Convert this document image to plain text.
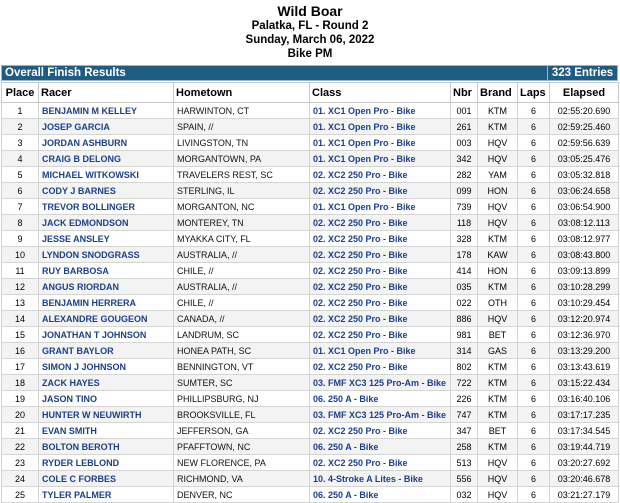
Wild Boar
Palatka, FL - Round 2
Sunday, March 06, 2022
Bike PM
Overall Finish Results	323 Entries
Place	Racer	Hometown	Class	Nbr	Brand	Laps	Elapsed
1	BENJAMIN M KELLEY	HARWINTON, CT	01. XC1 Open Pro - Bike	001	KTM	6	02:55:20.690
2	JOSEP GARCIA	SPAIN, //	01. XC1 Open Pro - Bike	261	KTM	6	02:59:25.460
3	JORDAN ASHBURN	LIVINGSTON, TN	01. XC1 Open Pro - Bike	003	HQV	6	02:59:56.639
4	CRAIG B DELONG	MORGANTOWN, PA	01. XC1 Open Pro - Bike	342	HQV	6	03:05:25.476
5	MICHAEL WITKOWSKI	TRAVELERS REST, SC	02. XC2 250 Pro - Bike	282	YAM	6	03:05:32.818
6	CODY J BARNES	STERLING, IL	02. XC2 250 Pro - Bike	099	HON	6	03:06:24.658
7	TREVOR BOLLINGER	MORGANTON, NC	01. XC1 Open Pro - Bike	739	HQV	6	03:06:54.900
8	JACK EDMONDSON	MONTEREY, TN	02. XC2 250 Pro - Bike	118	HQV	6	03:08:12.113
9	JESSE ANSLEY	MYAKKA CITY, FL	02. XC2 250 Pro - Bike	328	KTM	6	03:08:12.977
10	LYNDON SNODGRASS	AUSTRALIA, //	02. XC2 250 Pro - Bike	178	KAW	6	03:08:43.800
11	RUY BARBOSA	CHILE, //	02. XC2 250 Pro - Bike	414	HON	6	03:09:13.899
12	ANGUS RIORDAN	AUSTRALIA, //	02. XC2 250 Pro - Bike	035	KTM	6	03:10:28.299
13	BENJAMIN HERRERA	CHILE, //	02. XC2 250 Pro - Bike	022	OTH	6	03:10:29.454
14	ALEXANDRE GOUGEON	CANADA, //	02. XC2 250 Pro - Bike	886	HQV	6	03:12:20.974
15	JONATHAN T JOHNSON	LANDRUM, SC	02. XC2 250 Pro - Bike	981	BET	6	03:12:36.970
16	GRANT BAYLOR	HONEA PATH, SC	01. XC1 Open Pro - Bike	314	GAS	6	03:13:29.200
17	SIMON J JOHNSON	BENNINGTON, VT	02. XC2 250 Pro - Bike	802	KTM	6	03:13:43.619
18	ZACK HAYES	SUMTER, SC	03. FMF XC3 125 Pro-Am - Bike	722	KTM	6	03:15:22.434
19	JASON TINO	PHILLIPSBURG, NJ	06. 250 A - Bike	226	KTM	6	03:16:40.106
20	HUNTER W NEUWIRTH	BROOKSVILLE, FL	03. FMF XC3 125 Pro-Am - Bike	747	KTM	6	03:17:17.235
21	EVAN SMITH	JEFFERSON, GA	02. XC2 250 Pro - Bike	347	BET	6	03:17:34.545
22	BOLTON BEROTH	PFAFFTOWN, NC	06. 250 A - Bike	258	KTM	6	03:19:44.719
23	RYDER LEBLOND	NEW FLORENCE, PA	02. XC2 250 Pro - Bike	513	HQV	6	03:20:27.692
24	COLE C FORBES	RICHMOND, VA	10. 4-Stroke A Lites - Bike	556	HQV	6	03:20:46.678
25	TYLER PALMER	DENVER, NC	06. 250 A - Bike	032	HQV	6	03:21:27.179
